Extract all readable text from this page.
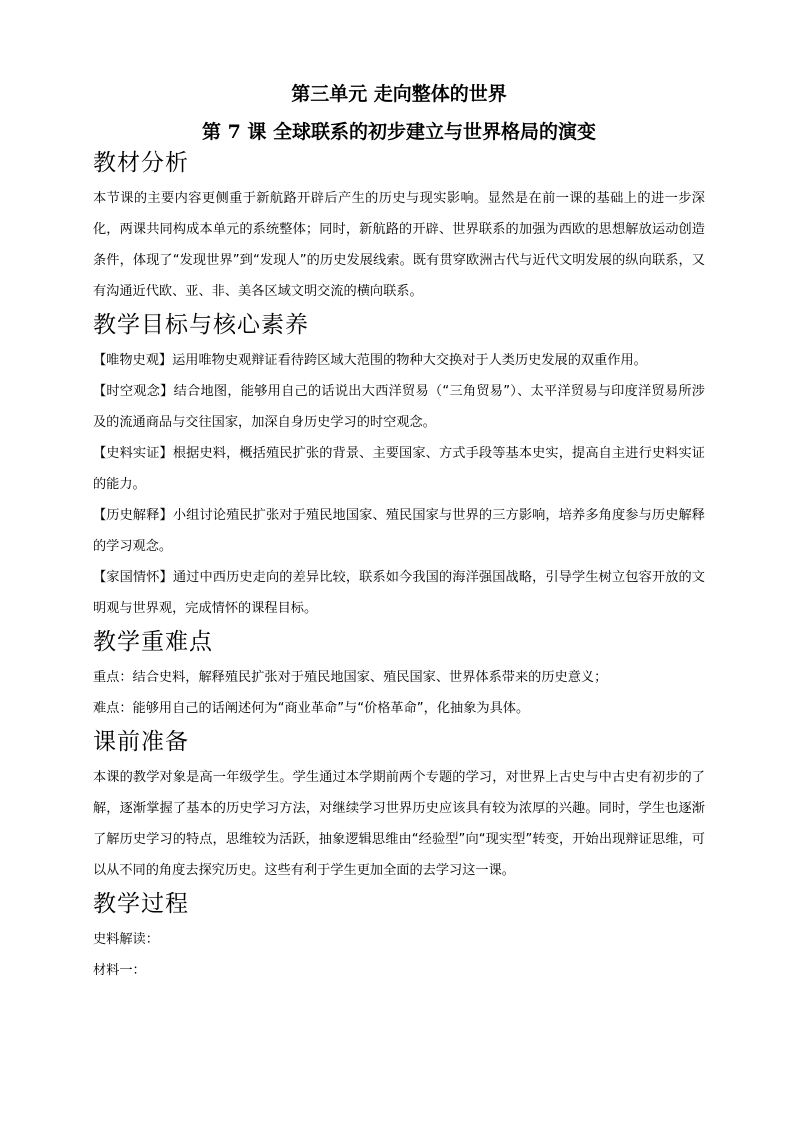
第三单元 走向整体的世界

第 7 课 全球联系的初步建立与世界格局的演变

教材分析

本节课的主要内容更侧重于新航路开辟后产生的历史与现实影响。显然是在前一课的基础上的进一步深化，两课共同构成本单元的系统整体；同时，新航路的开辟、世界联系的加强为西欧的思想解放运动创造条件，体现了“发现世界”到“发现人”的历史发展线索。既有贯穿欧洲古代与近代文明发展的纵向联系，又有沟通近代欧、亚、非、美各区域文明交流的横向联系。

教学目标与核心素养

【唯物史观】运用唯物史观辩证看待跨区域大范围的物种大交换对于人类历史发展的双重作用。

【时空观念】结合地图，能够用自己的话说出大西洋贸易（“三角贸易”）、太平洋贸易与印度洋贸易所涉及的流通商品与交往国家，加深自身历史学习的时空观念。

【史料实证】根据史料，概括殖民扩张的背景、主要国家、方式手段等基本史实，提高自主进行史料实证的能力。

【历史解释】小组讨论殖民扩张对于殖民地国家、殖民国家与世界的三方影响，培养多角度参与历史解释的学习观念。

【家国情怀】通过中西历史走向的差异比较，联系如今我国的海洋强国战略，引导学生树立包容开放的文明观与世界观，完成情怀的课程目标。

教学重难点

重点：结合史料，解释殖民扩张对于殖民地国家、殖民国家、世界体系带来的历史意义；

难点：能够用自己的话阐述何为“商业革命”与“价格革命”，化抽象为具体。

课前准备

本课的教学对象是高一年级学生。学生通过本学期前两个专题的学习，对世界上古史与中古史有初步的了解，逐渐掌握了基本的历史学习方法，对继续学习世界历史应该具有较为浓厚的兴趣。同时，学生也逐渐了解历史学习的特点，思维较为活跃，抽象逻辑思维由“经验型”向“现实型”转变，开始出现辩证思维，可以从不同的角度去探究历史。这些有利于学生更加全面的去学习这一课。

教学过程

史料解读：

材料一：
